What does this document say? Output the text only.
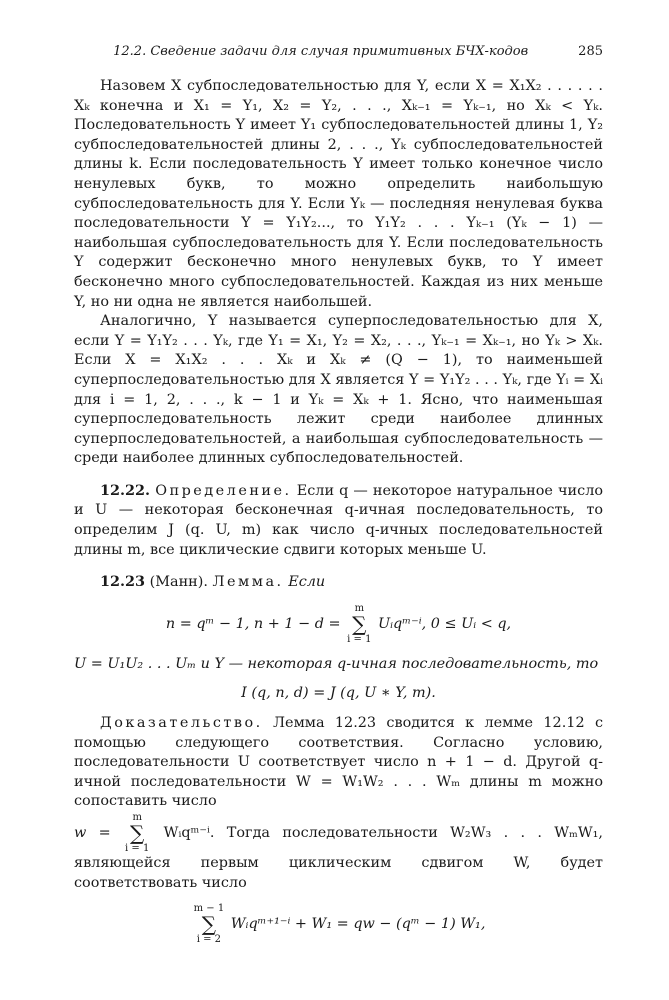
12.2. Сведение задачи для случая примитивных БЧХ-кодов	285

Назовем X субпоследовательностью для Y, если X = X₁X₂ . . . . . . Xₖ конечна и X₁ = Y₁, X₂ = Y₂, . . ., Xₖ₋₁ = Yₖ₋₁, но Xₖ < Yₖ. Последовательность Y имеет Y₁ субпоследовательностей длины 1, Y₂ субпоследовательностей длины 2, . . ., Yₖ субпоследовательностей длины k. Если последовательность Y имеет только конечное число ненулевых букв, то можно определить наибольшую субпоследовательность для Y. Если Yₖ — последняя ненулевая буква последовательности Y = Y₁Y₂..., то Y₁Y₂ . . . Yₖ₋₁ (Yₖ − 1) — наибольшая субпоследовательность для Y. Если последовательность Y содержит бесконечно много ненулевых букв, то Y имеет бесконечно много субпоследовательностей. Каждая из них меньше Y, но ни одна не является наибольшей.

Аналогично, Y называется суперпоследовательностью для X, если Y = Y₁Y₂ . . . Yₖ, где Y₁ = X₁, Y₂ = X₂, . . ., Yₖ₋₁ = Xₖ₋₁, но Yₖ > Xₖ. Если X = X₁X₂ . . . Xₖ и Xₖ ≠ (Q − 1), то наименьшей суперпоследовательностью для X является Y = Y₁Y₂ . . . Yₖ, где Yᵢ = Xᵢ для i = 1, 2, . . ., k − 1 и Yₖ = Xₖ + 1. Ясно, что наименьшая суперпоследовательность лежит среди наиболее длинных суперпоследовательностей, а наибольшая субпоследовательность — среди наиболее длинных субпоследовательностей.

12.22. Определение. Если q — некоторое натуральное число и U — некоторая бесконечная q-ичная последовательность, то определим J (q. U, m) как число q-ичных последовательностей длины m, все циклические сдвиги которых меньше U.

12.23 (Манн). Лемма. Если

n = qᵐ − 1, n + 1 − d = m
∑
i = 1 Uᵢqᵐ⁻ⁱ, 0 ≤ Uᵢ < q,

U = U₁U₂ . . . Uₘ и Y — некоторая q-ичная последовательность, то

I (q, n, d) = J (q, U ∗ Y, m).

Доказательство. Лемма 12.23 сводится к лемме 12.12 с помощью следующего соответствия. Согласно условию, последовательности U соответствует число n + 1 − d. Другой q-ичной последовательности W = W₁W₂ . . . Wₘ длины m можно сопоставить число

w = m
∑
i = 1 Wᵢqᵐ⁻ⁱ. Тогда последовательности W₂W₃ . . . WₘW₁, являющейся первым циклическим сдвигом W, будет соответствовать число

m − 1
∑
i = 2 Wᵢqᵐ⁺¹⁻ⁱ + W₁ = qw − (qᵐ − 1) W₁,
